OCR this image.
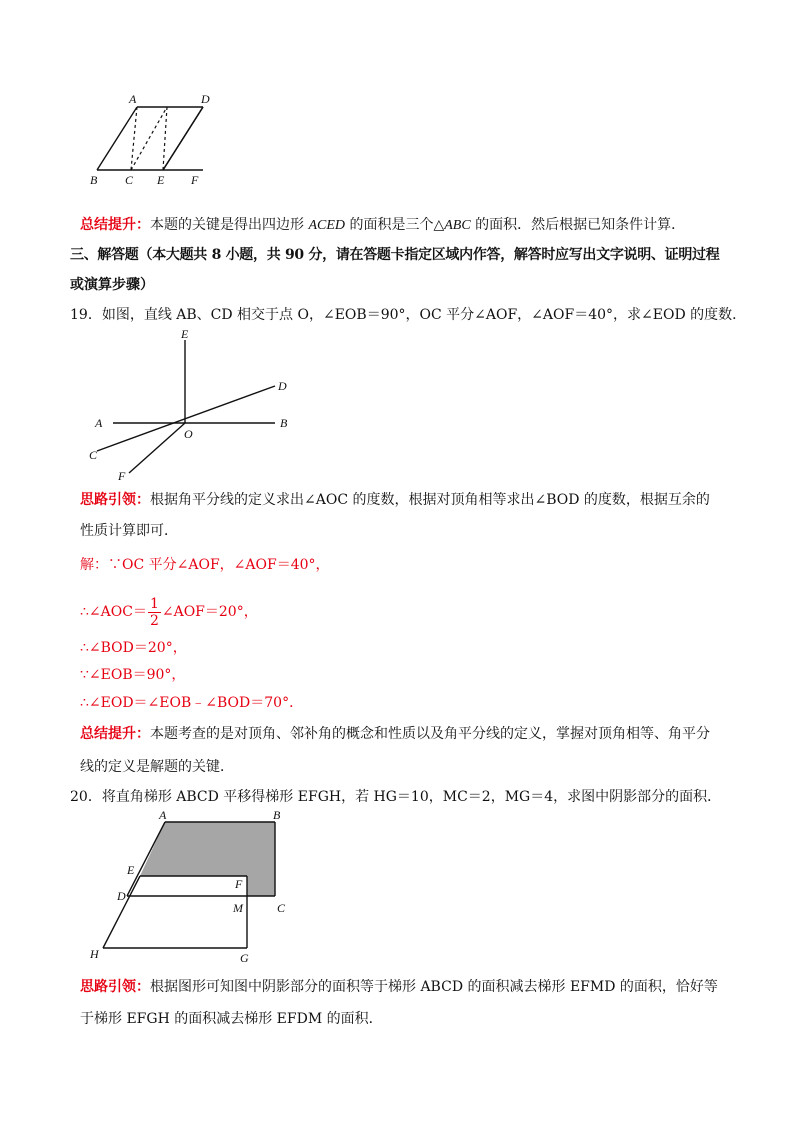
A	D
B C E F
总结提升：本题的关键是得出四边形 ACED 的面积是三个△ABC 的面积．然后根据已知条件计算．
三、解答题（本大题共 8 小题，共 90 分，请在答题卡指定区域内作答，解答时应写出文字说明、证明过程
或演算步骤）
19．如图，直线 AB、CD 相交于点 O，∠EOB＝90°，OC 平分∠AOF，∠AOF＝40°，求∠EOD 的度数．
E
D
A	B
O
C
F
思路引领：根据角平分线的定义求出∠AOC 的度数，根据对顶角相等求出∠BOD 的度数，根据互余的
性质计算即可．
解：∵OC 平分∠AOF，∠AOF＝40°，
∴∠AOC＝ $\frac{1}{2}$ ∠AOF＝20°，
∴∠BOD＝20°，
∵∠EOB＝90°，
∴∠EOD＝∠EOB﹣∠BOD＝70°．
总结提升：本题考查的是对顶角、邻补角的概念和性质以及角平分线的定义，掌握对顶角相等、角平分
线的定义是解题的关键．
20．将直角梯形 ABCD 平移得梯形 EFGH，若 HG＝10，MC＝2，MG＝4，求图中阴影部分的面积．
A	B
E
F
D
M	C
H	G
思路引领：根据图形可知图中阴影部分的面积等于梯形 ABCD 的面积减去梯形 EFMD 的面积，恰好等
于梯形 EFGH 的面积减去梯形 EFDM 的面积．
